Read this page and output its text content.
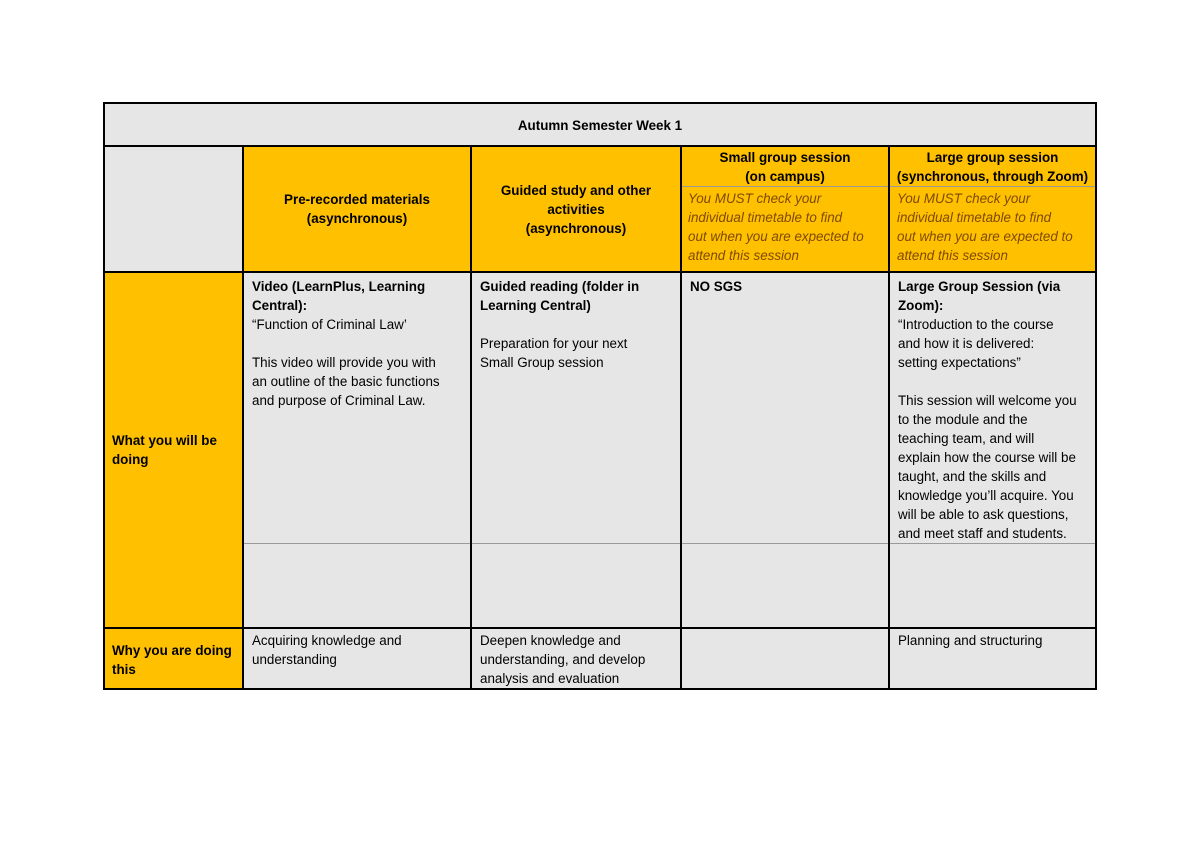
Autumn Semester Week 1
Pre-recorded materials
(asynchronous)
Guided study and other
activities
(asynchronous)
Small group session
(on campus)

You MUST check your

individual timetable to find

out when you are expected to

attend this session

Large group session
(synchronous, through Zoom)

You MUST check your

individual timetable to find

out when you are expected to

attend this session

What you will be

doing

Video (LearnPlus, Learning

Central):

“Function of Criminal Law’

This video will provide you with

an outline of the basic functions

and purpose of Criminal Law.

Guided reading (folder in

Learning Central)

Preparation for your next

Small Group session

NO SGS	Large Group Session (via

Zoom):

“Introduction to the course

and how it is delivered:

setting expectations”

This session will welcome you

to the module and the

teaching team, and will

explain how the course will be

taught, and the skills and

knowledge you’ll acquire. You

will be able to ask questions,

and meet staff and students.

Why you are doing

this

Acquiring knowledge and

understanding

Deepen knowledge and

understanding, and develop

analysis and evaluation

Planning and structuring
